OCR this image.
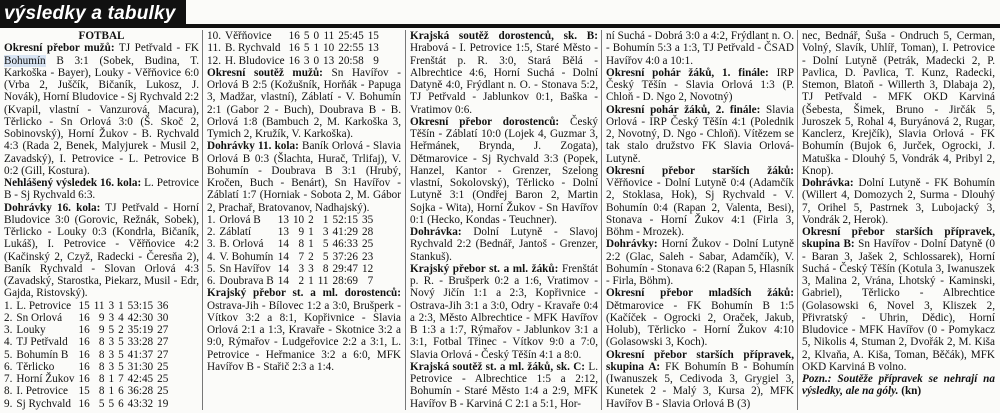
výsledky a tabulky

FOTBAL

Okresní přebor mužů: TJ Petřvald - FK Bohumín B 3:1 (Sobek, Budina, T. Karkoška - Bayer), Louky - Věřňovice 6:0 (Vrba 2, Juščík, Bičaník, Lukosz, J. Novák), Horní Bludovice - Sj Rychvald 2:2 (Kvapil, vlastní - Vanzurová, Macura), Těrlicko - Sn Orlová 3:0 (Š. Skoč 2, Sobinovský), Horní Žukov - B. Rychvald 4:3 (Rada 2, Benek, Malyjurek - Musil 2, Zavadský), I. Petrovice - L. Petrovice B 0:2 (Gill, Kostura).

Nehlášený výsledek 16. kola: L. Petrovice B - Sj Rychvald 6:3.

Dohrávky 16. kola: TJ Petřvald - Horní Bludovice 3:0 (Gorovic, Režnák, Sobek), Těrlicko - Louky 0:3 (Kondrla, Bičaník, Lukáš), I. Petrovice - Věřňovice 4:2 (Kačinský 2, Czyž, Radecki - Čeresňa 2), Baník Rychvald - Slovan Orlová 4:3 (Zavadský, Starostka, Piekarz, Musil - Edr, Gajda, Ristovský).

1.	L. Petrovice	15	11	3	1	53:15	36
2.	Sn Orlová	16	9	3	4	42:30	30
3.	Louky	16	9	5	2	35:19	27
4.	TJ Petřvald	16	8	3	5	33:28	27
5.	Bohumín B	16	8	3	5	41:37	27
6.	Těrlicko	16	8	3	5	31:30	25
7.	Horní Žukov	16	8	1	7	42:45	25
8.	I. Petrovice	15	8	1	6	36:28	25
9.	Sj Rychvald	16	5	5	6	43:32	19
10.	Věřňovice	16	5	0	11	25:45	15
11.	B. Rychvald	16	5	1	10	22:55	13
12.	H. Bludovice	16	3	0	13	20:58	9

Okresní soutěž mužů: Sn Havířov - Orlová B 2:5 (Kožušník, Horňák - Papuga 3, Madžar, vlastní), Záblatí - V. Bohumín 2:1 (Gabor 2 - Buch), Doubrava B - B. Orlová 1:8 (Bambuch 2, M. Karkoška 3, Tymich 2, Kružík, V. Karkoška).

Dohrávky 11. kola: Baník Orlová - Slavia Orlová B 0:3 (Šlachta, Hurač, Trlifaj), V. Bohumín - Doubrava B 3:1 (Hrubý, Kročen, Buch - Benárt), Sn Havířov - Záblatí 1:7 (Horniak - Sobota 2, M. Gábor 2, Prachař, Bratovanov, Nadhajský).

1.	Orlová B	13	10	2	1	52:15	35
2.	Záblatí	13	9	1	3	41:29	28
3.	B. Orlová	14	8	1	5	46:33	25
4.	V. Bohumín	14	7	2	5	37:26	23
5.	Sn Havířov	14	3	3	8	29:47	12
6.	Doubrava B	14	2	1	11	28:69	7

Krajský přebor st. a ml. dorostenců: Ostrava-Jih - Bílovec 1:2 a 3:0, Brušperk - Vítkov 3:2 a 8:1, Kopřivnice - Slavia Orlová 2:1 a 1:3, Kravaře - Skotnice 3:2 a 9:0, Rýmařov - Ludgeřovice 2:2 a 3:1, L. Petrovice - Heřmanice 3:2 a 6:0, MFK Havířov B - Stařič 2:3 a 1:4.

Krajská soutěž dorostenců, sk. B: Hrabová - I. Petrovice 1:5, Staré Město - Frenštát p. R. 3:0, Stará Bělá - Albrechtice 4:6, Horní Suchá - Dolní Datyně 4:0, Frýdlant n. O. - Stonava 5:2, TJ Petřvald - Jablunkov 0:1, Baška - Vratimov 0:6.

Okresní přebor dorostenců: Český Těšín - Záblatí 10:0 (Lojek 4, Guzmar 3, Heřmánek, Brynda, J. Zogata), Dětmarovice - Sj Rychvald 3:3 (Popek, Hanzel, Kantor - Grenzer, Szelong vlastní, Sokolovský), Těrlicko - Dolní Lutyně 3:1 (Ondřej Baron 2, Martin Sojka - Wita), Horní Žukov - Sn Havířov 0:1 (Hecko, Kondas - Teuchner).

Dohrávka: Dolní Lutyně - Slavoj Rychvald 2:2 (Bednář, Jantoš - Grenzer, Stankuš).

Krajský přebor st. a ml. žáků: Frenštát p. R. - Brušperk 0:2 a 1:6, Vratimov - Nový Jičín 1:1 a 2:3, Kopřivnice - Ostrava-Jih 3:1 a 3:0, Odry - Kravaře 0:4 a 2:3, Město Albrechtice - MFK Havířov B 1:3 a 1:7, Rýmařov - Jablunkov 3:1 a 3:1, Fotbal Třinec - Vítkov 9:0 a 7:0, Slavia Orlová - Český Těšín 4:1 a 8:0.

Krajská soutěž st. a ml. žáků, sk. C: L. Petrovice - Albrechtice 1:5 a 2:12, Bohumín - Staré Město 1:4 a 2:9, MFK Havířov B - Karviná C 2:1 a 5:1, Hor-

ní Suchá - Dobrá 3:0 a 4:2, Frýdlant n. O. - Bohumín 5:3 a 1:3, TJ Petřvald - ČSAD Havířov 4:0 a 10:1.

Okresní pohár žáků, 1. finále: IRP Český Těšín - Slavia Orlová 1:3 (P. Chloň - D. Ngo 2, Novotný)

Okresní pohár žáků, 2. finále: Slavia Orlová - IRP Český Těšín 4:1 (Polednik 2, Novotný, D. Ngo - Chloň). Vítězem se tak stalo družstvo FK Slavia Orlová-Lutyně.

Okresní přebor starších žáků: Věřňovice - Dolní Lutyně 0:4 (Adamčík 2, Stoklasa, Hok), Sj Rychvald - V. Bohumín 0:4 (Rapan 2, Valenta, Besi), Stonava - Horní Žukov 4:1 (Firla 3, Böhm - Mrozek).

Dohrávky: Horní Žukov - Dolní Lutyně 2:2 (Glac, Saleh - Sabar, Adamčík), V. Bohumín - Stonava 6:2 (Rapan 5, Hlasník - Firla, Böhm).

Okresní přebor mladších žáků: Dětmarovice - FK Bohumín B 1:5 (Kačíček - Ogrocki 2, Oraček, Jakub, Holub), Těrlicko - Horní Žukov 4:10 (Golasowski 3, Koch).

Okresní přebor starších přípravek, skupina A: FK Bohumín B - Bohumín (Iwanuszek 5, Cedivoda 3, Grygiel 3, Kunetek 2 - Malý 3, Kursa 2), MFK Havířov B - Slavia Orlová B (3)

nec, Bednář, Šuša - Ondruch 5, Cerman, Volný, Slavík, Uhlíř, Toman), I. Petrovice - Dolní Lutyně (Petrák, Madecki 2, P. Pavlica, D. Pavlica, T. Kunz, Radecki, Stemon, Blatoň - Willerth 3, Dlabaja 2), TJ Petřvald - MFK OKD Karviná (Šebesta, Šimek, Bruno - Jirčák 5, Juroszek 5, Rohal 4, Buryánová 2, Rugar, Kanclerz, Krejčík), Slavia Orlová - FK Bohumín (Bujok 6, Jurček, Ogrocki, J. Matuška - Dlouhý 5, Vondrák 4, Pribyl 2, Knop).

Dohrávka: Dolní Lutyně - FK Bohumín (Willert 4, Domozych 2, Surma - Dlouhý 7, Orihel 5, Pastrnek 3, Lubojacký 3, Vondrák 2, Herok).

Okresní přebor starších přípravek, skupina B: Sn Havířov - Dolní Datyně (0 - Baran 3, Jašek 2, Schlossarek), Horní Suchá - Český Těšín (Kotula 3, Iwanuszek 3, Malina 2, Vrána, Lhotský - Kaminski, Gabriel), Těrlicko - Albrechtice (Golasowski 6, Novel 3, Kliszek 2, Přivratský - Uhrin, Dědic), Horní Bludovice - MFK Havířov (0 - Pomykacz 5, Nikolis 4, Stuman 2, Dvořák 2, M. Kiša 2, Klvaňa, A. Kiša, Toman, Běčák), MFK OKD Karviná B volno.

Pozn.: Soutěže přípravek se nehrají na výsledky, ale na góly. (kn)
